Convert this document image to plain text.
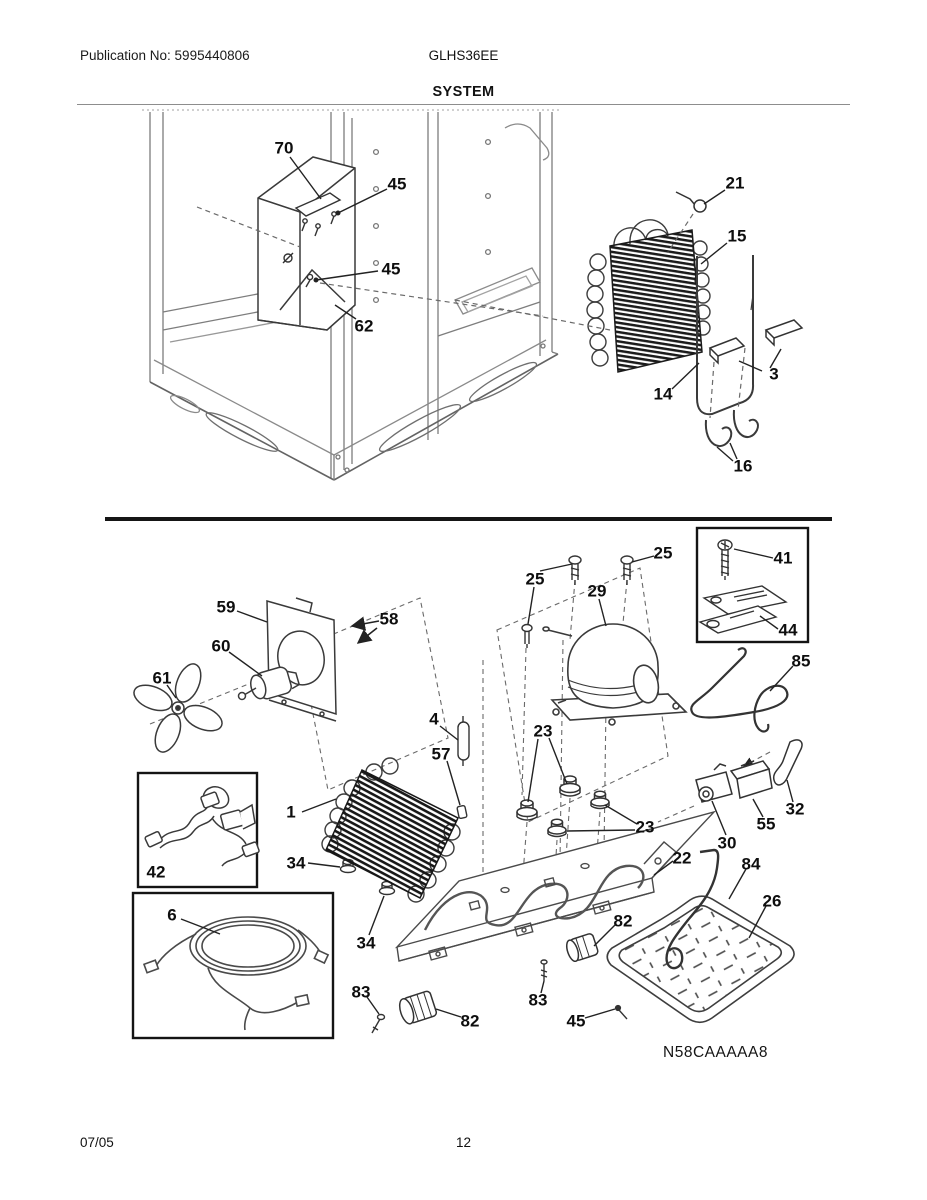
Publication No: 5995440806	GLHS36EE
SYSTEM
N58CAAAAA8
07/05	12
70
45
45
62
21
15
3
14
16
25
25
29
41
44
85
59
58
60
61
4
57
23
23
1
34
34
42
6
22
30
55
32
84
26
82
82
83	83
45
